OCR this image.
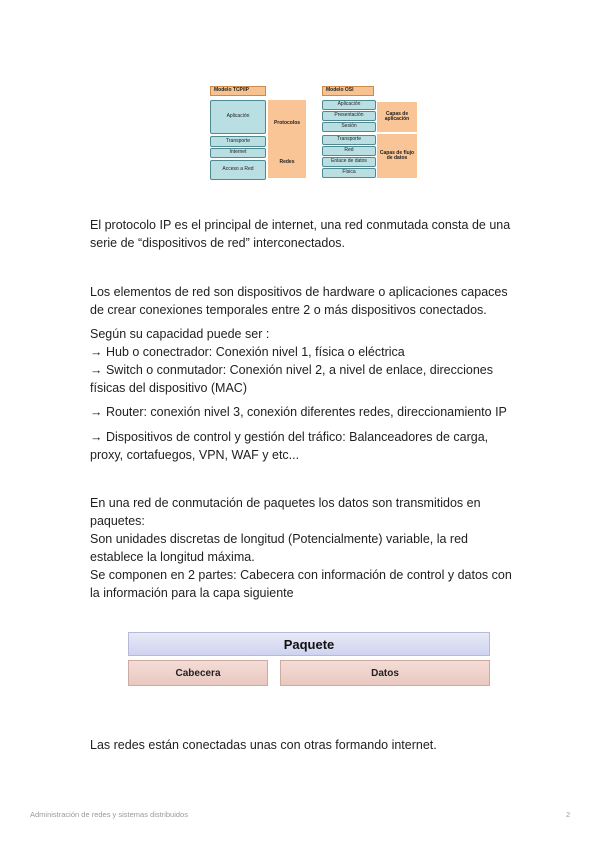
Modelo TCP/IP
Aplicación
Transporte
Internet
Acceso a Red
Protocolos
Redes
Modelo OSI
Aplicación
Presentación
Sesión
Transporte
Red
Enlace de datos
Física
Capas de aplicación
Capas de flujo de datos
El protocolo IP es el principal de internet, una red conmutada consta de una
serie de “dispositivos de red” interconectados.
Los elementos de red son dispositivos de hardware o aplicaciones capaces
de crear conexiones temporales entre 2 o más dispositivos conectados.
Según su capacidad puede ser :
→ Hub o conectrador: Conexión nivel 1, física o eléctrica
→ Switch o conmutador: Conexión nivel 2, a nivel de enlace, direcciones
físicas del dispositivo (MAC)
→ Router: conexión nivel 3, conexión diferentes redes, direccionamiento IP
→ Dispositivos de control y gestión del tráfico: Balanceadores de carga,
proxy, cortafuegos, VPN, WAF y etc...
En una red de conmutación de paquetes los datos son transmitidos en
paquetes:
Son unidades discretas de longitud (Potencialmente) variable, la red
establece la longitud máxima.
Se componen en 2 partes: Cabecera con información de control y datos con
la información para la capa siguiente
Paquete
Cabecera	Datos
Las redes están conectadas unas con otras formando internet.
Administración de redes y sistemas distribuidos	2
